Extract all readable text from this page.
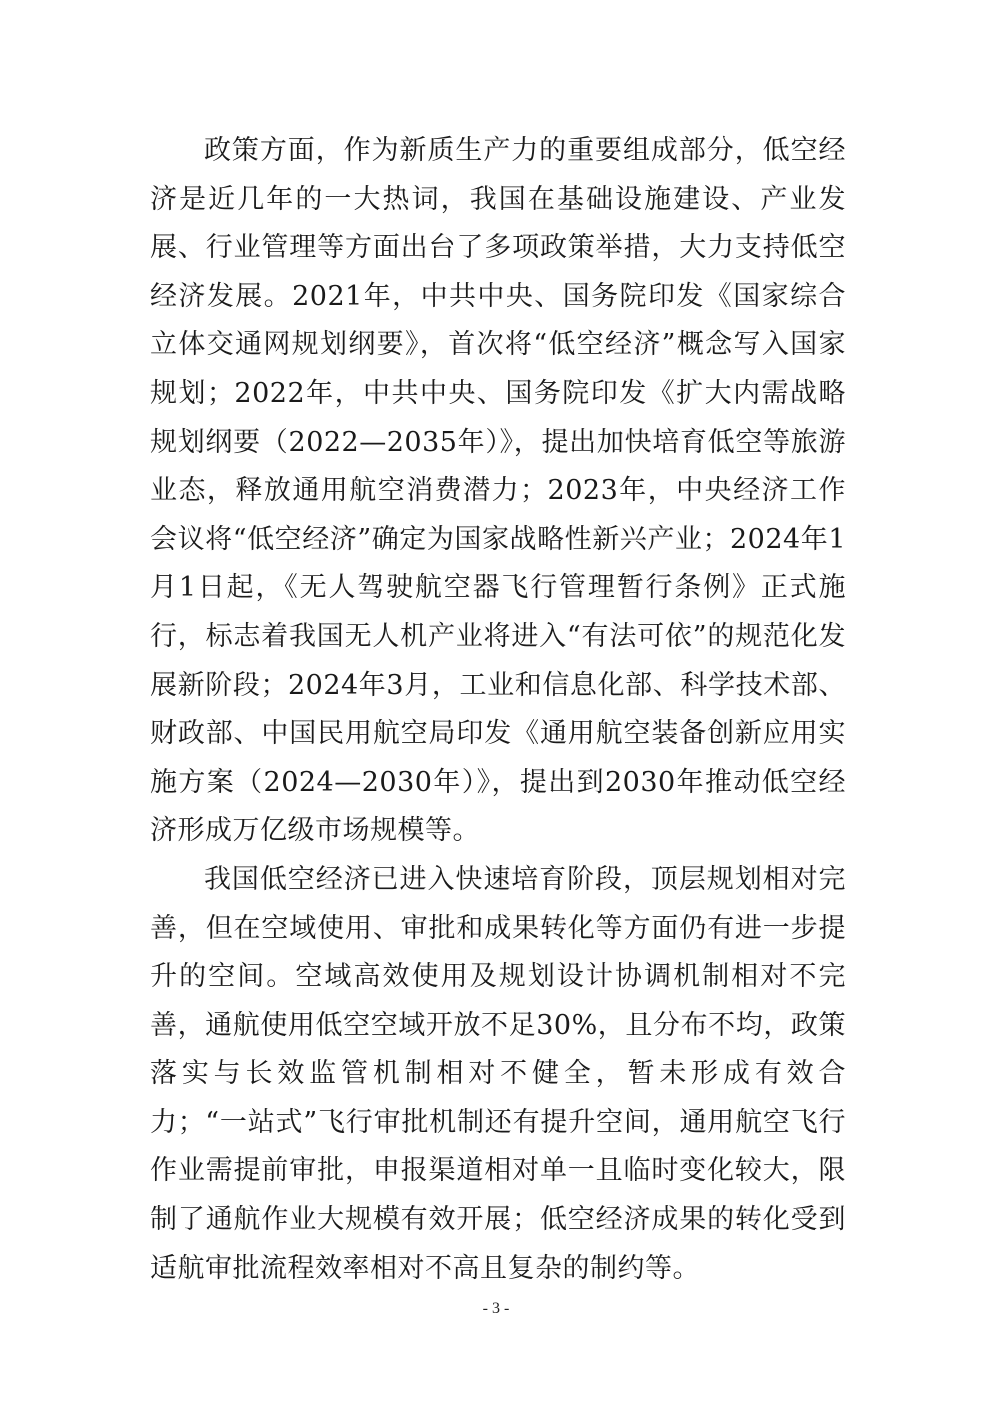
政策方面，作为新质生产力的重要组成部分，低空经济是近几年的一大热词，我国在基础设施建设、产业发展、行业管理等方面出台了多项政策举措，大力支持低空经济发展。2021年，中共中央、国务院印发《国家综合立体交通网规划纲要》，首次将“低空经济”概念写入国家规划；2022年，中共中央、国务院印发《扩大内需战略规划纲要（2022—2035年）》，提出加快培育低空等旅游业态，释放通用航空消费潜力；2023年，中央经济工作会议将“低空经济”确定为国家战略性新兴产业；2024年1月1日起，《无人驾驶航空器飞行管理暂行条例》正式施行，标志着我国无人机产业将进入“有法可依”的规范化发展新阶段；2024年3月，工业和信息化部、科学技术部、财政部、中国民用航空局印发《通用航空装备创新应用实施方案（2024—2030年）》，提出到2030年推动低空经济形成万亿级市场规模等。

我国低空经济已进入快速培育阶段，顶层规划相对完善，但在空域使用、审批和成果转化等方面仍有进一步提升的空间。空域高效使用及规划设计协调机制相对不完善，通航使用低空空域开放不足30%，且分布不均，政策落实与长效监管机制相对不健全，暂未形成有效合力；“一站式”飞行审批机制还有提升空间，通用航空飞行作业需提前审批，申报渠道相对单一且临时变化较大，限制了通航作业大规模有效开展；低空经济成果的转化受到适航审批流程效率相对不高且复杂的制约等。

- 3 -
